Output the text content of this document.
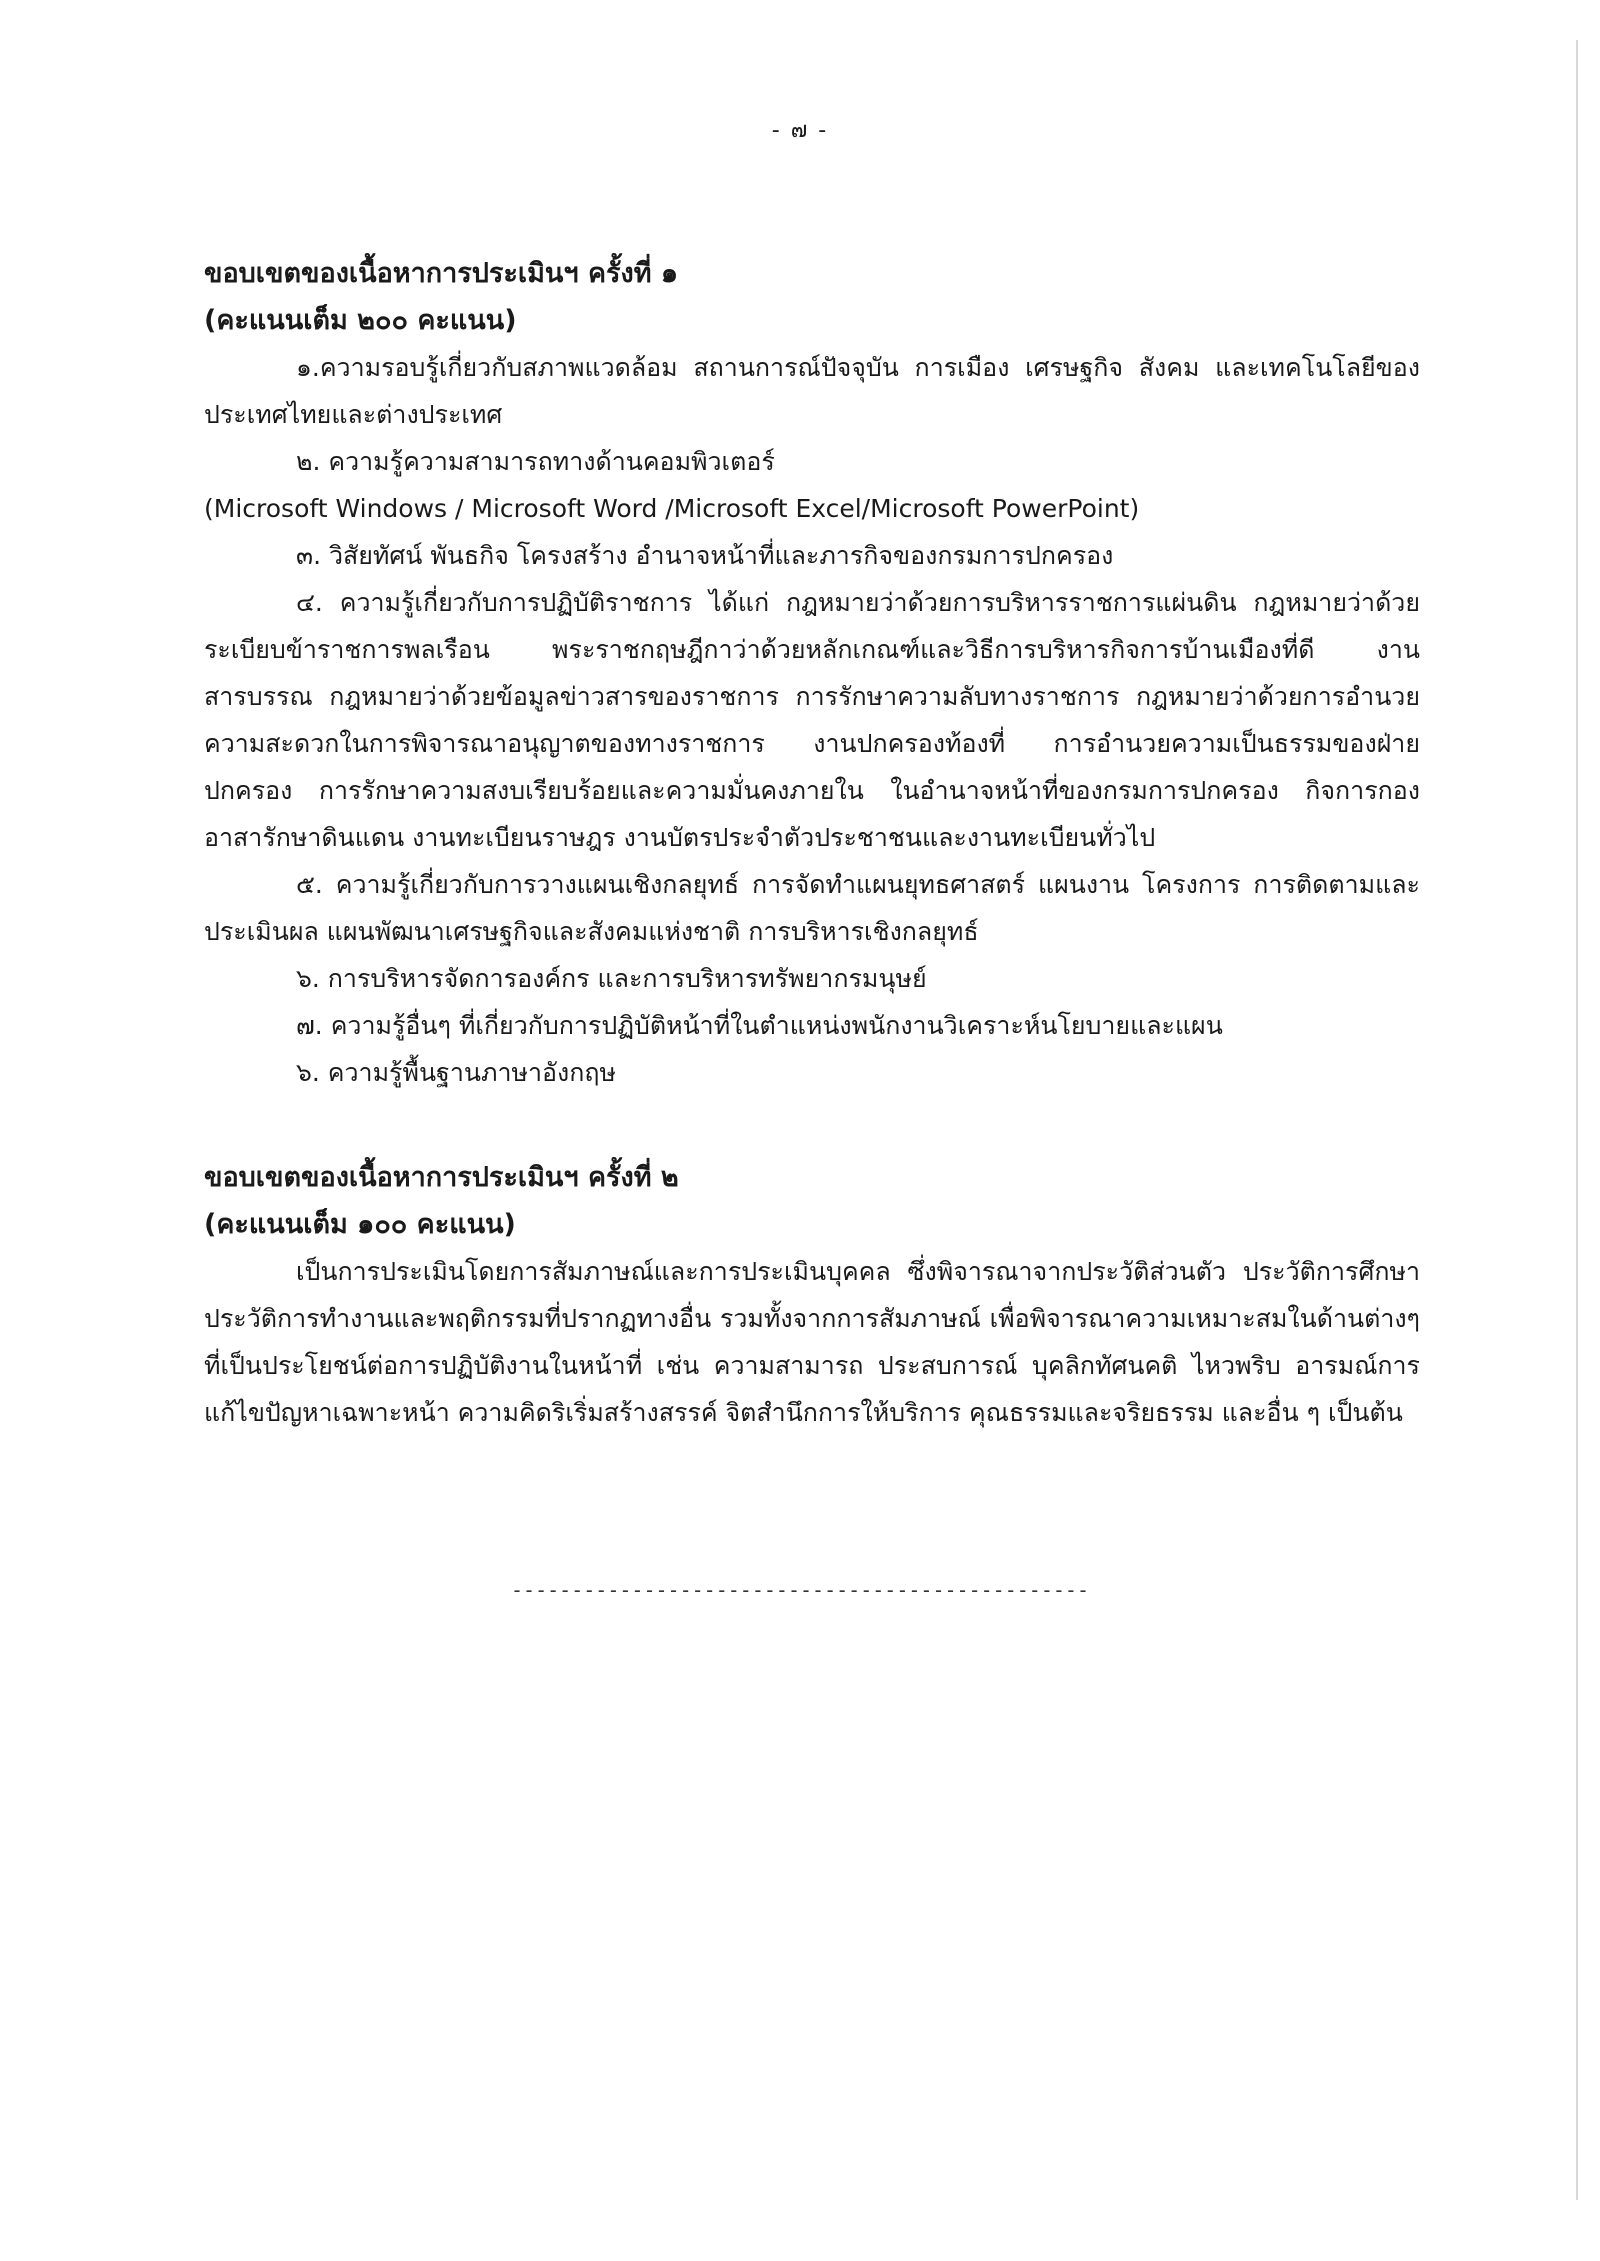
- ๗ -

ขอบเขตของเนื้อหาการประเมินฯ ครั้งที่ ๑

(คะแนนเต็ม ๒๐๐ คะแนน)

๑.ความรอบรู้เกี่ยวกับสภาพแวดล้อม สถานการณ์ปัจจุบัน การเมือง เศรษฐกิจ สังคม และเทคโนโลยีของประเทศไทยและต่างประเทศ

๒. ความรู้ความสามารถทางด้านคอมพิวเตอร์

(Microsoft Windows / Microsoft Word /Microsoft Excel/Microsoft PowerPoint)

๓. วิสัยทัศน์ พันธกิจ โครงสร้าง อำนาจหน้าที่และภารกิจของกรมการปกครอง

๔. ความรู้เกี่ยวกับการปฏิบัติราชการ ได้แก่ กฎหมายว่าด้วยการบริหารราชการแผ่นดิน กฎหมายว่าด้วยระเบียบข้าราชการพลเรือน พระราชกฤษฎีกาว่าด้วยหลักเกณฑ์และวิธีการบริหารกิจการบ้านเมืองที่ดี งานสารบรรณ กฎหมายว่าด้วยข้อมูลข่าวสารของราชการ การรักษาความลับทางราชการ กฎหมายว่าด้วยการอำนวยความสะดวกในการพิจารณาอนุญาตของทางราชการ งานปกครองท้องที่ การอำนวยความเป็นธรรมของฝ่ายปกครอง การรักษาความสงบเรียบร้อยและความมั่นคงภายใน ในอำนาจหน้าที่ของกรมการปกครอง กิจการกองอาสารักษาดินแดน งานทะเบียนราษฎร งานบัตรประจำตัวประชาชนและงานทะเบียนทั่วไป

๕. ความรู้เกี่ยวกับการวางแผนเชิงกลยุทธ์ การจัดทำแผนยุทธศาสตร์ แผนงาน โครงการ การติดตามและประเมินผล แผนพัฒนาเศรษฐกิจและสังคมแห่งชาติ การบริหารเชิงกลยุทธ์

๖. การบริหารจัดการองค์กร และการบริหารทรัพยากรมนุษย์

๗. ความรู้อื่นๆ ที่เกี่ยวกับการปฏิบัติหน้าที่ในตำแหน่งพนักงานวิเคราะห์นโยบายและแผน

๖. ความรู้พื้นฐานภาษาอังกฤษ

ขอบเขตของเนื้อหาการประเมินฯ ครั้งที่ ๒

(คะแนนเต็ม ๑๐๐ คะแนน)

เป็นการประเมินโดยการสัมภาษณ์และการประเมินบุคคล ซึ่งพิจารณาจากประวัติส่วนตัว ประวัติการศึกษา ประวัติการทำงานและพฤติกรรมที่ปรากฏทางอื่น รวมทั้งจากการสัมภาษณ์ เพื่อพิจารณาความเหมาะสมในด้านต่างๆ ที่เป็นประโยชน์ต่อการปฏิบัติงานในหน้าที่ เช่น ความสามารถ ประสบการณ์ บุคลิกทัศนคติ ไหวพริบ อารมณ์การแก้ไขปัญหาเฉพาะหน้า ความคิดริเริ่มสร้างสรรค์ จิตสำนึกการให้บริการ คุณธรรมและจริยธรรม และอื่น ๆ เป็นต้น

------------------------------------------------
